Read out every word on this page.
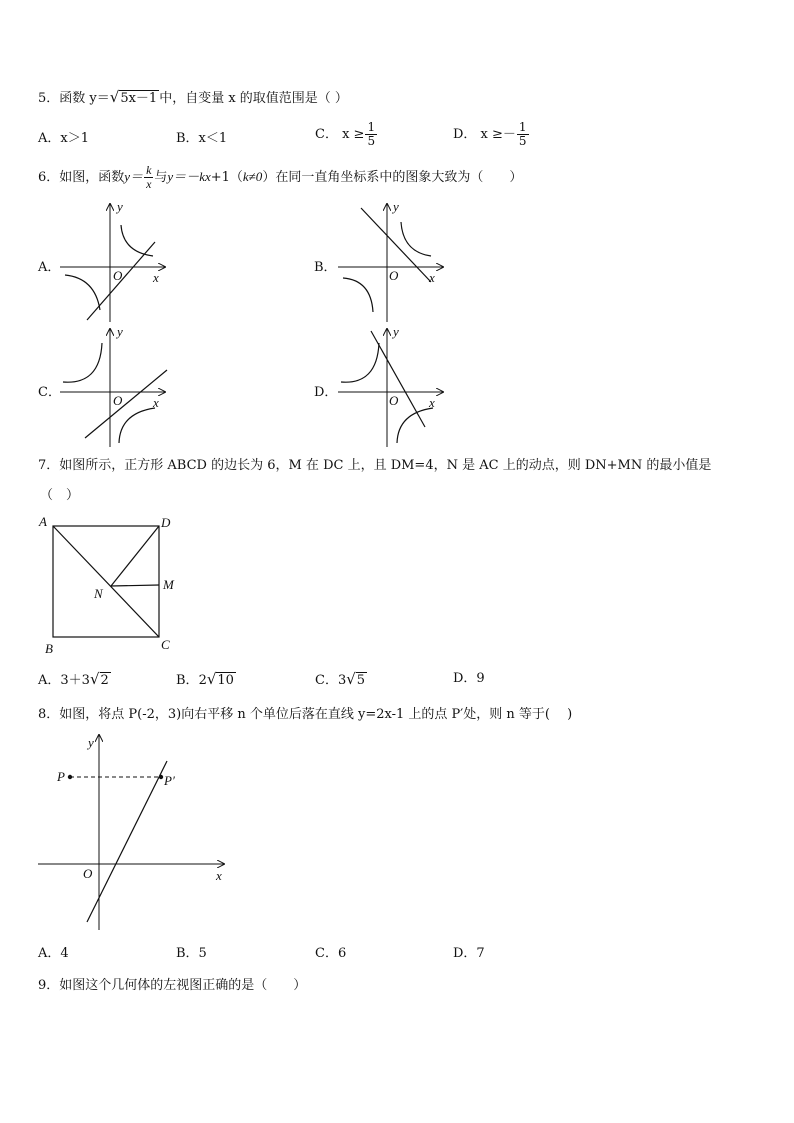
5．函数 y＝√5x－1 中，自变量 x 的取值范围是（ ）
A．x＞1	B．x＜1	C． $x \ge \frac{1}{5}$	D． $x \ge- \frac{1}{5}$
6．如图，函数$y= \frac{k}{x}$ 与y＝－kx+1（k≠0）在同一直角坐标系中的图象大致为（　　）
A．	B．
C．	D．
y
x
O
y
x
O
y
x
O
y
x
O
7．如图所示，正方形 ABCD 的边长为 6，M 在 DC 上，且 DM=4，N 是 AC 上的动点，则 DN+MN 的最小值是
（　）
A	D
M
N
B	C
A．3＋3√2	B．2√10	C．3√5	D．9
8．如图，将点 P(-2，3)向右平移 n 个单位后落在直线 y=2x-1 上的点 P′处，则 n 等于(　 )
P	P′
y
x
O
A．4	B．5	C．6	D．7
9．如图这个几何体的左视图正确的是（　　）
